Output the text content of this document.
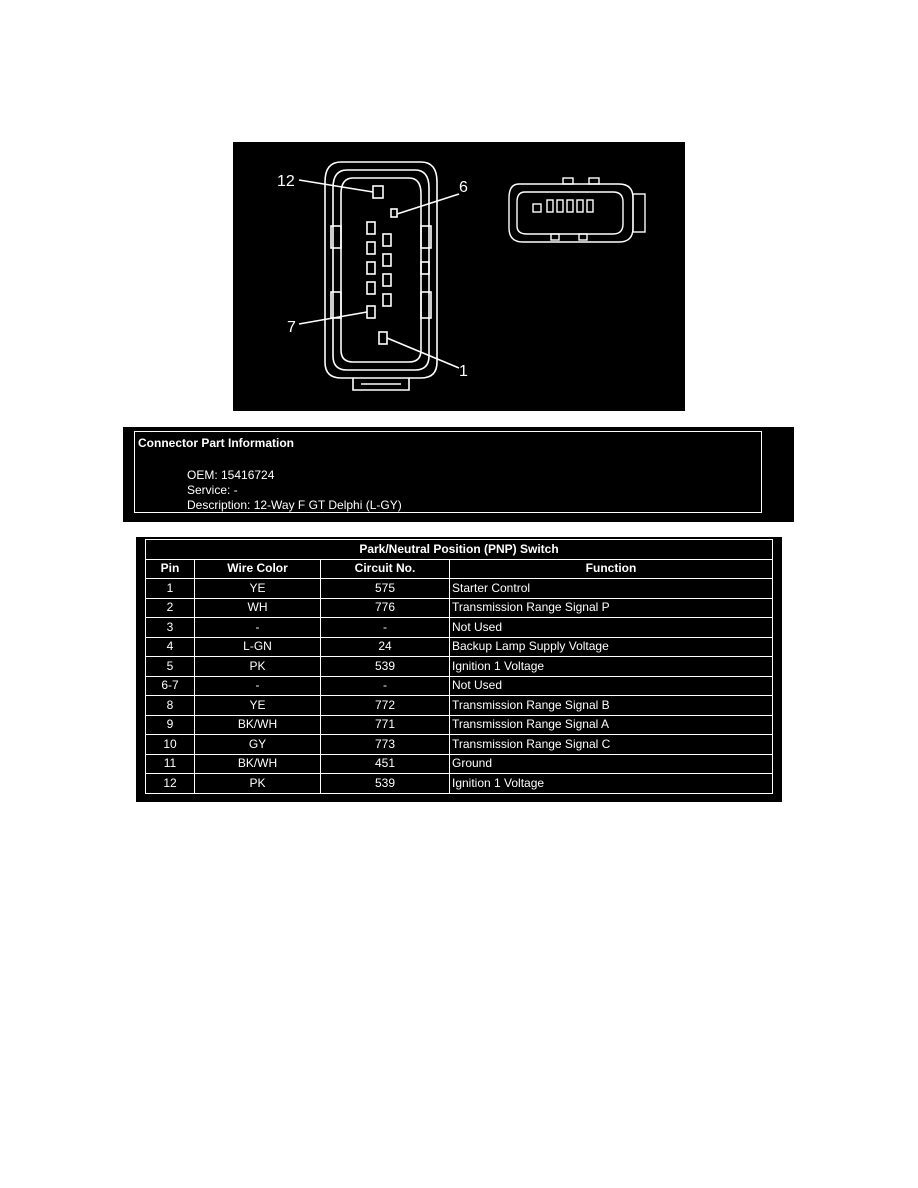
12	6
7
1
Connector Part Information
OEM: 15416724
Service: -
Description: 12-Way F GT Delphi (L-GY)
Park/Neutral Position (PNP) Switch			
Pin	Wire Color	Circuit No.	Function
1	YE	575	Starter Control
2	WH	776	Transmission Range Signal P
3	-	-	Not Used
4	L-GN	24	Backup Lamp Supply Voltage
5	PK	539	Ignition 1 Voltage
6-7	-	-	Not Used
8	YE	772	Transmission Range Signal B
9	BK/WH	771	Transmission Range Signal A
10	GY	773	Transmission Range Signal C
11	BK/WH	451	Ground
12	PK	539	Ignition 1 Voltage
